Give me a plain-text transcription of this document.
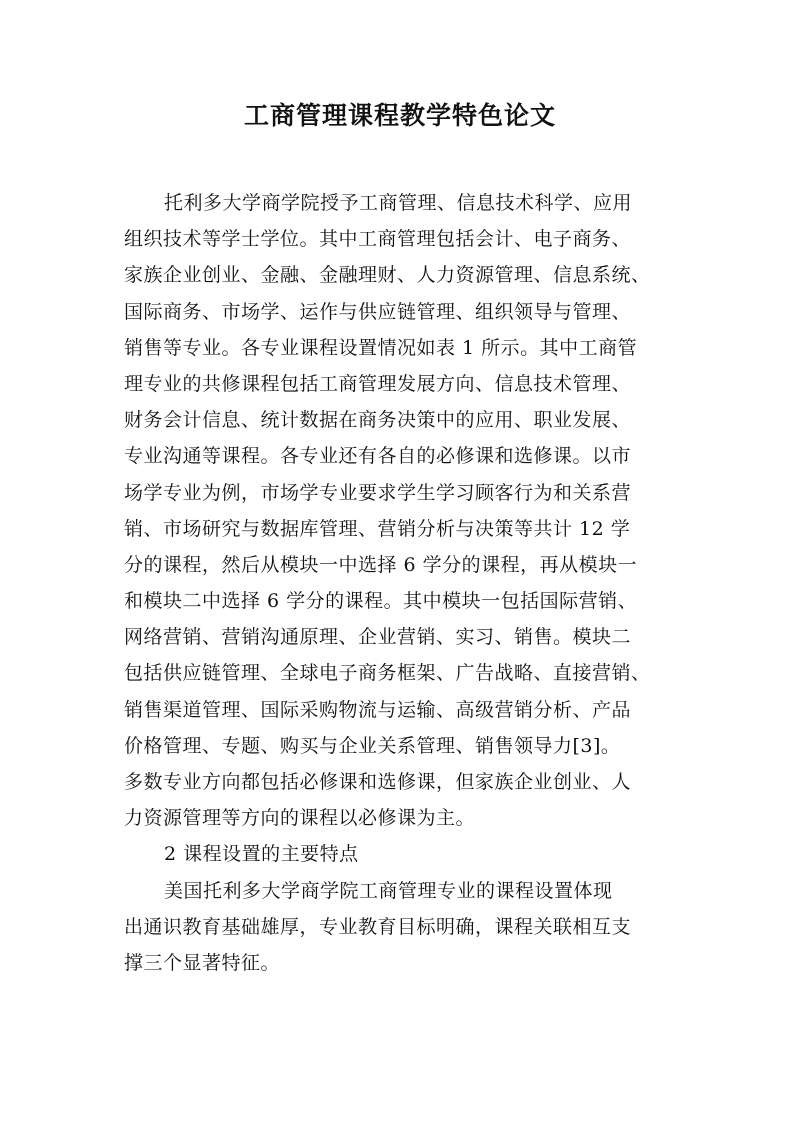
工商管理课程教学特色论文
托利多大学商学院授予工商管理、信息技术科学、应用
组织技术等学士学位。其中工商管理包括会计、电子商务、
家族企业创业、金融、金融理财、人力资源管理、信息系统、
国际商务、市场学、运作与供应链管理、组织领导与管理、
销售等专业。各专业课程设置情况如表 1 所示。其中工商管
理专业的共修课程包括工商管理发展方向、信息技术管理、
财务会计信息、统计数据在商务决策中的应用、职业发展、
专业沟通等课程。各专业还有各自的必修课和选修课。以市
场学专业为例，市场学专业要求学生学习顾客行为和关系营
销、市场研究与数据库管理、营销分析与决策等共计 12 学
分的课程，然后从模块一中选择 6 学分的课程，再从模块一
和模块二中选择 6 学分的课程。其中模块一包括国际营销、
网络营销、营销沟通原理、企业营销、实习、销售。模块二
包括供应链管理、全球电子商务框架、广告战略、直接营销、
销售渠道管理、国际采购物流与运输、高级营销分析、产品
价格管理、专题、购买与企业关系管理、销售领导力[3]。
多数专业方向都包括必修课和选修课，但家族企业创业、人
力资源管理等方向的课程以必修课为主。
2 课程设置的主要特点
美国托利多大学商学院工商管理专业的课程设置体现
出通识教育基础雄厚，专业教育目标明确，课程关联相互支
撑三个显著特征。
